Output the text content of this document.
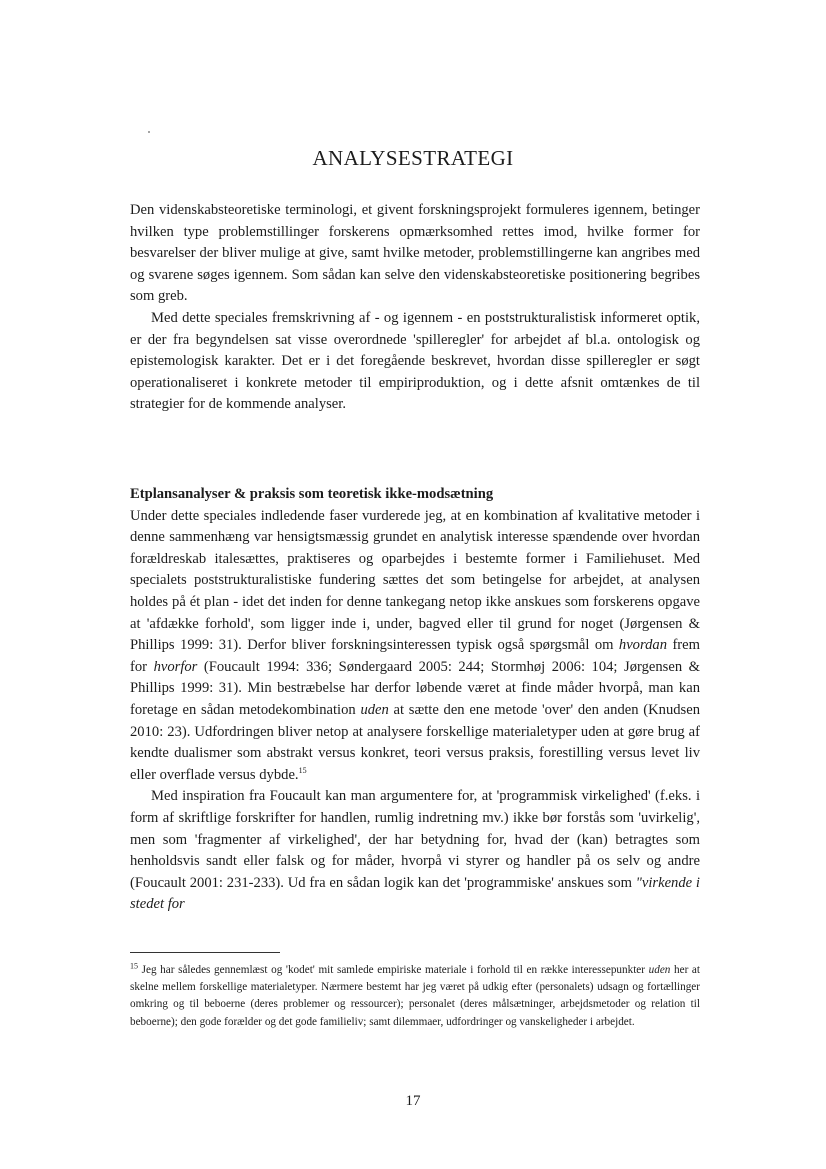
ANALYSESTRATEGI

Den videnskabsteoretiske terminologi, et givent forskningsprojekt formuleres igennem, betinger hvilken type problemstillinger forskerens opmærksomhed rettes imod, hvilke former for besvarelser der bliver mulige at give, samt hvilke metoder, problemstillingerne kan angribes med og svarene søges igennem. Som sådan kan selve den videnskabsteoretiske positionering begribes som greb.

Med dette speciales fremskrivning af - og igennem - en poststrukturalistisk informeret optik, er der fra begyndelsen sat visse overordnede 'spilleregler' for arbejdet af bl.a. ontologisk og epistemologisk karakter. Det er i det foregående beskrevet, hvordan disse spilleregler er søgt operationaliseret i konkrete metoder til empiriproduktion, og i dette afsnit omtænkes de til strategier for de kommende analyser.

Etplansanalyser & praksis som teoretisk ikke-modsætning

Under dette speciales indledende faser vurderede jeg, at en kombination af kvalitative metoder i denne sammenhæng var hensigtsmæssig grundet en analytisk interesse spændende over hvordan forældreskab italesættes, praktiseres og oparbejdes i bestemte former i Familiehuset. Med specialets poststrukturalistiske fundering sættes det som betingelse for arbejdet, at analysen holdes på ét plan - idet det inden for denne tankegang netop ikke anskues som forskerens opgave at 'afdække forhold', som ligger inde i, under, bagved eller til grund for noget (Jørgensen & Phillips 1999: 31). Derfor bliver forskningsinteressen typisk også spørgsmål om hvordan frem for hvorfor (Foucault 1994: 336; Søndergaard 2005: 244; Stormhøj 2006: 104; Jørgensen & Phillips 1999: 31). Min bestræbelse har derfor løbende været at finde måder hvorpå, man kan foretage en sådan metodekombination uden at sætte den ene metode 'over' den anden (Knudsen 2010: 23). Udfordringen bliver netop at analysere forskellige materialetyper uden at gøre brug af kendte dualismer som abstrakt versus konkret, teori versus praksis, forestilling versus levet liv eller overflade versus dybde.$^{15}$

Med inspiration fra Foucault kan man argumentere for, at 'programmisk virkelighed' (f.eks. i form af skriftlige forskrifter for handlen, rumlig indretning mv.) ikke bør forstås som 'uvirkelig', men som 'fragmenter af virkelighed', der har betydning for, hvad der (kan) betragtes som henholdsvis sandt eller falsk og for måder, hvorpå vi styrer og handler på os selv og andre (Foucault 2001: 231-233). Ud fra en sådan logik kan det 'programmiske' anskues som "virkende i stedet for

$^{15}$ Jeg har således gennemlæst og 'kodet' mit samlede empiriske materiale i forhold til en række interessepunkter uden her at skelne mellem forskellige materialetyper. Nærmere bestemt har jeg været på udkig efter (personalets) udsagn og fortællinger omkring og til beboerne (deres problemer og ressourcer); personalet (deres målsætninger, arbejdsmetoder og relation til beboerne); den gode forælder og det gode familieliv; samt dilemmaer, udfordringer og vanskeligheder i arbejdet.

17
